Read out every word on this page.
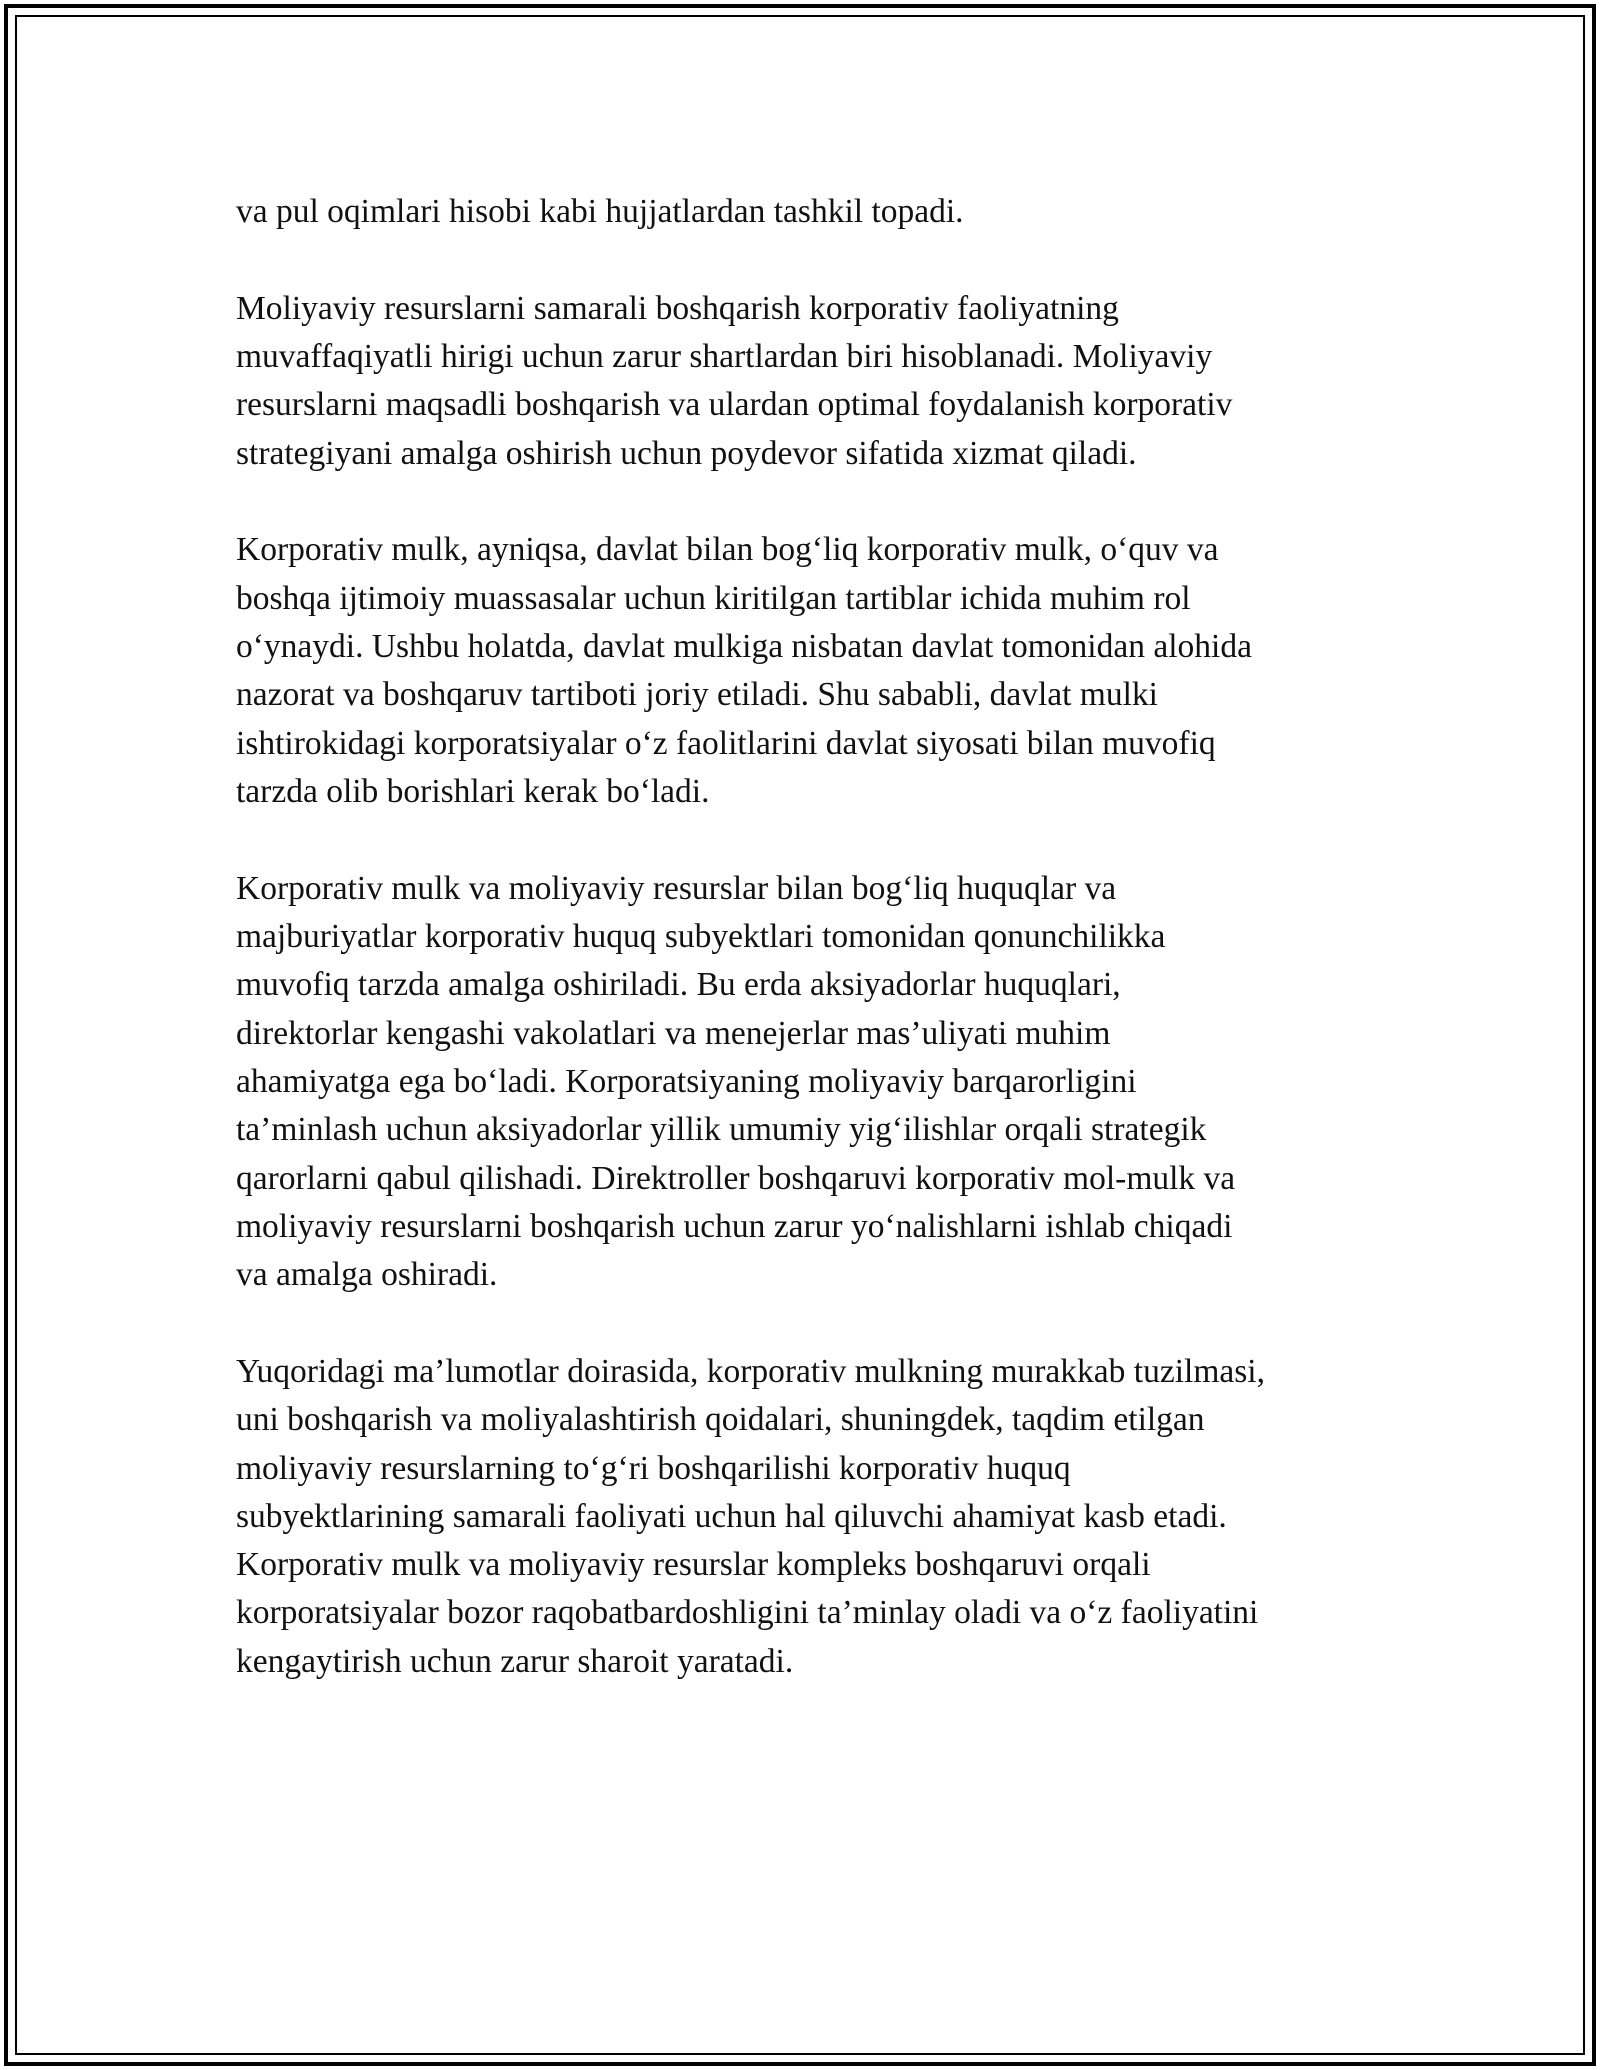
va pul oqimlari hisobi kabi hujjatlardan tashkil topadi.

Moliyaviy resurslarni samarali boshqarish korporativ faoliyatning
muvaffaqiyatli hirigi uchun zarur shartlardan biri hisoblanadi. Moliyaviy
resurslarni maqsadli boshqarish va ulardan optimal foydalanish korporativ
strategiyani amalga oshirish uchun poydevor sifatida xizmat qiladi.

Korporativ mulk, ayniqsa, davlat bilan bogʻliq korporativ mulk, oʻquv va
boshqa ijtimoiy muassasalar uchun kiritilgan tartiblar ichida muhim rol
oʻynaydi. Ushbu holatda, davlat mulkiga nisbatan davlat tomonidan alohida
nazorat va boshqaruv tartiboti joriy etiladi. Shu sababli, davlat mulki
ishtirokidagi korporatsiyalar oʻz faolitlarini davlat siyosati bilan muvofiq
tarzda olib borishlari kerak boʻladi.

Korporativ mulk va moliyaviy resurslar bilan bogʻliq huquqlar va
majburiyatlar korporativ huquq subyektlari tomonidan qonunchilikka
muvofiq tarzda amalga oshiriladi. Bu erda aksiyadorlar huquqlari,
direktorlar kengashi vakolatlari va menejerlar mas’uliyati muhim
ahamiyatga ega boʻladi. Korporatsiyaning moliyaviy barqarorligini
ta’minlash uchun aksiyadorlar yillik umumiy yigʻilishlar orqali strategik
qarorlarni qabul qilishadi. Direktroller boshqaruvi korporativ mol-mulk va
moliyaviy resurslarni boshqarish uchun zarur yoʻnalishlarni ishlab chiqadi
va amalga oshiradi.

Yuqoridagi ma’lumotlar doirasida, korporativ mulkning murakkab tuzilmasi,
uni boshqarish va moliyalashtirish qoidalari, shuningdek, taqdim etilgan
moliyaviy resurslarning toʻgʻri boshqarilishi korporativ huquq
subyektlarining samarali faoliyati uchun hal qiluvchi ahamiyat kasb etadi.
Korporativ mulk va moliyaviy resurslar kompleks boshqaruvi orqali
korporatsiyalar bozor raqobatbardoshligini ta’minlay oladi va oʻz faoliyatini
kengaytirish uchun zarur sharoit yaratadi.
